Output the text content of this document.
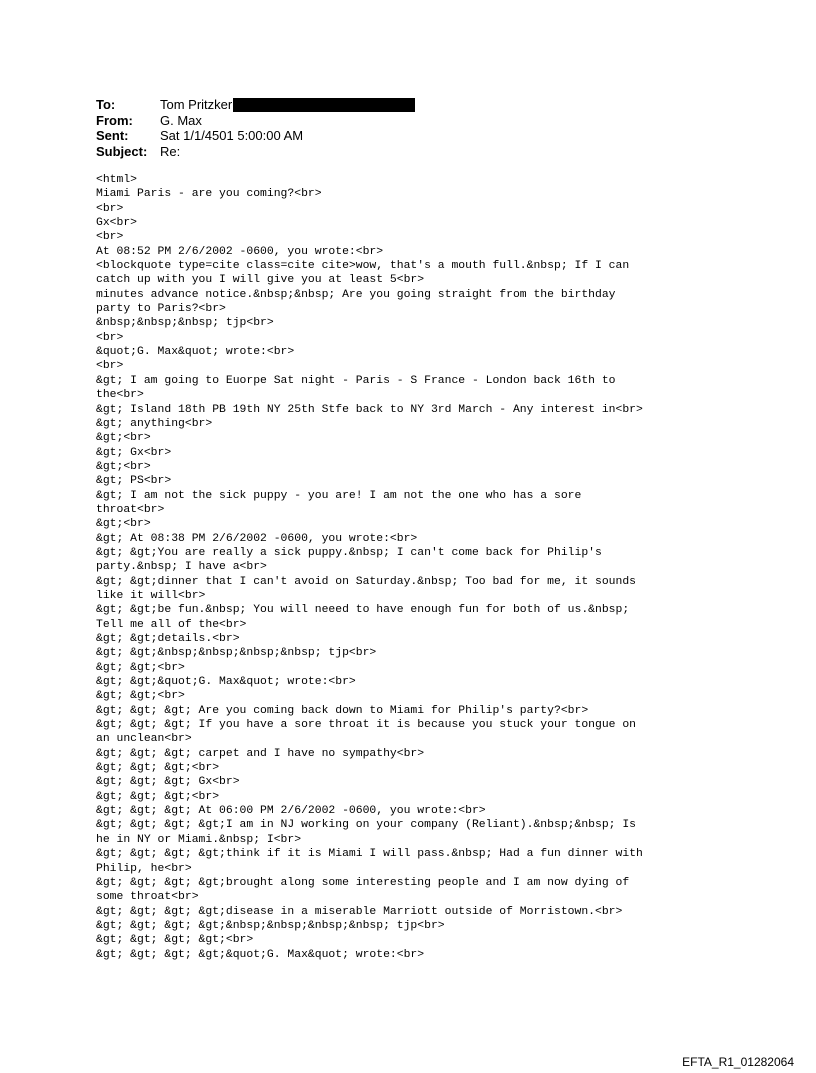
To:	Tom Pritzker
From:	G. Max
Sent:	Sat 1/1/4501 5:00:00 AM
Subject: Re:
<html>
Miami Paris - are you coming?<br>
<br>
Gx<br>
<br>
At 08:52 PM 2/6/2002 -0600, you wrote:<br>
<blockquote type=cite class=cite cite>wow, that's a mouth full.&nbsp; If I can
catch up with you I will give you at least 5<br>
minutes advance notice.&nbsp;&nbsp; Are you going straight from the birthday
party to Paris?<br>
&nbsp;&nbsp;&nbsp; tjp<br>
<br>
&quot;G. Max&quot; wrote:<br>
<br>
&gt; I am going to Euorpe Sat night - Paris - S France - London back 16th to
the<br>
&gt; Island 18th PB 19th NY 25th Stfe back to NY 3rd March - Any interest in<br>
&gt; anything<br>
&gt;<br>
&gt; Gx<br>
&gt;<br>
&gt; PS<br>
&gt; I am not the sick puppy - you are! I am not the one who has a sore
throat<br>
&gt;<br>
&gt; At 08:38 PM 2/6/2002 -0600, you wrote:<br>
&gt; &gt;You are really a sick puppy.&nbsp; I can't come back for Philip's
party.&nbsp; I have a<br>
&gt; &gt;dinner that I can't avoid on Saturday.&nbsp; Too bad for me, it sounds
like it will<br>
&gt; &gt;be fun.&nbsp; You will neeed to have enough fun for both of us.&nbsp;
Tell me all of the<br>
&gt; &gt;details.<br>
&gt; &gt;&nbsp;&nbsp;&nbsp;&nbsp; tjp<br>
&gt; &gt;<br>
&gt; &gt;&quot;G. Max&quot; wrote:<br>
&gt; &gt;<br>
&gt; &gt; &gt; Are you coming back down to Miami for Philip's party?<br>
&gt; &gt; &gt; If you have a sore throat it is because you stuck your tongue on
an unclean<br>
&gt; &gt; &gt; carpet and I have no sympathy<br>
&gt; &gt; &gt;<br>
&gt; &gt; &gt; Gx<br>
&gt; &gt; &gt;<br>
&gt; &gt; &gt; At 06:00 PM 2/6/2002 -0600, you wrote:<br>
&gt; &gt; &gt; &gt;I am in NJ working on your company (Reliant).&nbsp;&nbsp; Is
he in NY or Miami.&nbsp; I<br>
&gt; &gt; &gt; &gt;think if it is Miami I will pass.&nbsp; Had a fun dinner with
Philip, he<br>
&gt; &gt; &gt; &gt;brought along some interesting people and I am now dying of
some throat<br>
&gt; &gt; &gt; &gt;disease in a miserable Marriott outside of Morristown.<br>
&gt; &gt; &gt; &gt;&nbsp;&nbsp;&nbsp;&nbsp; tjp<br>
&gt; &gt; &gt; &gt;<br>
&gt; &gt; &gt; &gt;&quot;G. Max&quot; wrote:<br>
EFTA_R1_01282064
